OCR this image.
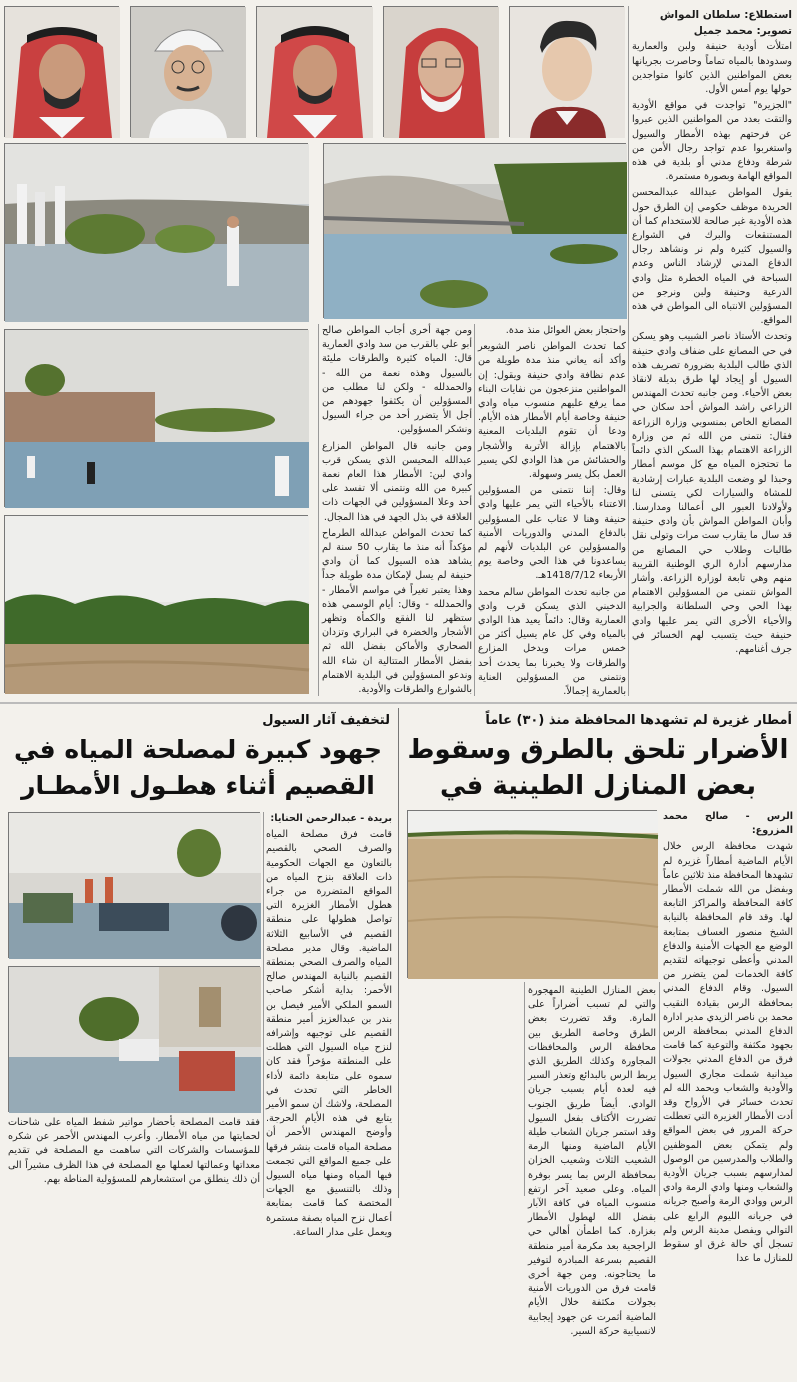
استطلاع: سلطان المواش

تصوير: محمد جميل

امتلأت أودية حنيفة ولبن والعمارية وسدودها بالمياه تماماً وحاصرت بجريانها بعض المواطنين الذين كانوا متواجدين حولها يوم أمس الأول.

"الجزيرة" تواجدت في مواقع الأودية والتقت بعدد من المواطنين الذين عبروا عن فرحتهم بهذه الأمطار والسيول واستغربوا عدم تواجد رجال الأمن من شرطة ودفاع مدني أو بلدية في هذه المواقع الهامة وبصورة مستمرة.

يقول المواطن عبدالله عبدالمحسن الحريدة موظف حكومي إن الطرق حول هذه الأودية غير صالحة للاستخدام كما أن المستنقعات والبرك في الشوارع والسيول كثيرة ولم نر ونشاهد رجال الدفاع المدني لإرشاد الناس وعدم السباحة في المياه الخطرة مثل وادي الدرعية وحنيفة ولبن ونرجو من المسؤولين الانتباه الى المواطن في هذه المواقع.

وتحدث الأستاذ ناصر الشبيب وهو يسكن في حي المصانع على ضفاف وادي حنيفة الذي طالب البلدية بضرورة تصريف هذه السيول أو إيجاد لها طرق بديلة لانقاذ بعض الأحياء. ومن جانبه تحدث المهندس الزراعي راشد المواش أحد سكان حي المصانع الخاص بمنسوبي وزارة الزراعة فقال: نتمنى من الله ثم من وزارة الزراعة الاهتمام بهذا السكن الذي دائماً ما تحتجزه المياه مع كل موسم أمطار وحبذا لو وضعت البلدية عبارات إرشادية للمشاة والسيارات لكي يتسنى لنا ولأولادنا العبور الى أعمالنا ومدارسنا. وأبان المواطن المواش بأن وادي حنيفة قد سال ما يقارب ست مرات وتولى نقل طالبات وطلاب حي المصانع من مدارسهم أدارة الري الوطنية القريبة منهم وهي تابعة لوزارة الزراعة. وأشار المواش نتمنى من المسؤولين الاهتمام بهذا الحي وحي السلطانة والجرابية والأحياء الأخرى التي يمر عليها وادي حنيفة حيث يتسبب لهم الخسائر في جرف أغنامهم.

واحتجاز بعض العوائل منذ مدة.

كما تحدث المواطن ناصر الشويعر وأكد أنه يعاني منذ مدة طويلة من عدم نظافة وادي حنيفة ويقول: إن المواطنين منزعجون من نفايات البناء مما يرفع عليهم منسوب مياه وادي حنيفة وخاصة أيام الأمطار هذه الأيام. ودعا أن تقوم البلديات المعنية بالاهتمام بإزالة الأتربة والأشجار والحشائش من هذا الوادي لكي يسير العمل بكل يسر وسهولة.

وقال: إننا نتمنى من المسؤولين الاعتناء بالأحياء التي يمر عليها وادي حنيفة وهنا لا عتاب على المسؤولين بالدفاع المدني والدوريات الأمنية والمسؤولين عن البلديات لأنهم لم يساعدونا في هذا الحي وخاصة يوم الأربعاء 1418/7/12هـ.

من جانبه تحدث المواطن سالم محمد الدخيني الذي يسكن قرب وادي العمارية وقال: دائماً يعيد هذا الوادي بالمياه وفي كل عام يسيل أكثر من خمس مرات ويدخل المزارع والطرقات ولا يخبرنا بما يحدث أحد ونتمنى من المسؤولين العناية بالعمارية إجمالاً.

ومن جهة أخرى أجاب المواطن صالح أبو علي بالقرب من سد وادي العمارية قال: المياه كثيرة والطرقات مليئة بالسيول وهذه نعمة من الله - والحمدلله - ولكن لنا مطلب من المسؤولين أن يكثفوا جهودهم من أجل الأ يتضرر أحد من جراء السيول ونشكر المسؤولين.

ومن جانبه قال المواطن المزارع عبدالله المحيسن الذي يسكن قرب وادي لبن: الأمطار هذا العام نعمة كبيرة من الله ونتمنى ألا تفسد على أحد وعلا المسؤولين في الجهات ذات العلاقة في بذل الجهد في هذا المجال.

كما تحدث المواطن عبدالله الطرماح مؤكداً أنه منذ ما يقارب 50 سنة لم يشاهد هذه السيول كما أن وادي حنيفة لم يسل لإمكان مدة طويلة جداً وهذا يعتبر تغيراً في مواسم الأمطار - والحمدلله - وقال: أيام الوسمي هذه ستظهر لنا الفقع والكمأة وتظهر الأشجار والخضرة في البراري وتزدان الصحاري والأماكن بفضل الله ثم بفضل الأمطار المتتالية ان شاء الله وندعو المسؤولين في البلدية الاهتمام بالشوارع والطرقات والأودية.

أمطار غزيرة لم تشهدها المحافظة منذ (٣٠) عاماً
الأضرار تلحق بالطرق وسقوط
بعض المنازل الطينية في

الرس - صالح محمد المزروع:

شهدت محافظة الرس خلال الأيام الماضية أمطاراً غزيرة لم تشهدها المحافظة منذ ثلاثين عاماً وبفضل من الله شملت الأمطار كافة المحافظة والمراكز التابعة لها. وقد قام المحافظة بالنيابة الشيخ منصور العساف بمتابعة الوضع مع الجهات الأمنية والدفاع المدني وأعطى توجيهاته لتقديم كافة الخدمات لمن يتضرر من السيول. وقام الدفاع المدني بمحافظة الرس بقيادة النقيب محمد بن ناصر الزيدي مدير ادارة الدفاع المدني بمحافظة الرس بجهود مكثفة والتوعية كما قامت فرق من الدفاع المدني بجولات ميدانية شملت مجاري السيول والأودية والشعاب وبحمد الله لم تحدث خسائر في الأرواح وقد أدت الأمطار الغزيرة التي تعطلت حركة المرور في بعض المواقع ولم يتمكن بعض الموظفين والطلاب والمدرسين من الوصول لمدارسهم بسبب جريان الأودية والشعاب ومنها وادي الرمة وادي الرس ووادي الرمة وأصبح جريانه في جريانه الليوم الرابع على التوالي ويفصل مدينة الرس ولم تسجل أي حالة غرق او سقوط للمنازل ما عدا

بعض المنازل الطينية المهجورة والتي لم تسبب أضراراً على المارة. وقد تضررت بعض الطرق وخاصة الطريق بين محافظة الرس والمحافظات المجاورة وكذلك الطريق الذي يربط الرس بالبدائع وتعذر السير فيه لعدة أيام بسبب جريان الوادي. أيضاً طريق الجنوب تضررت الأكتاف بفعل السيول وقد استمر جريان الشعاب طيلة الأيام الماضية ومنها الرمة الشعيب الثلاث وشعيب الخزان بمحافظة الرس بما يسر بوفرة المياه. وعلى صعيد آخر ارتفع منسوب المياه في كافة الآبار بفضل الله لهطول الأمطار بغزارة. كما اطمأن أهالي حي الراجحية بعد مكرمة أمير منطقة القصيم بسرعة المبادرة لتوفير ما يحتاجونه. ومن جهة أخرى قامت فرق من الدوريات الأمنية بجولات مكثفة خلال الأيام الماضية أثمرت عن جهود إيجابية لانسيابية حركة السير.

لتخفيف آثار السيول
جهود كبيرة لمصلحة المياه في
القصيم أثناء هطـول الأمطـار

بريدة - عبدالرحمن الحنايا:

قامت فرق مصلحة المياه والصرف الصحي بالقصيم بالتعاون مع الجهات الحكومية ذات العلاقة بنزح المياه من المواقع المتضررة من جراء هطول الأمطار الغزيرة التي تواصل هطولها على منطقة القصيم في الأسابيع الثلاثة الماضية. وقال مدير مصلحة المياه والصرف الصحي بمنطقة القصيم بالنيابة المهندس صالح الأحمر: بداية أشكر صاحب السمو الملكي الأمير فيصل بن بندر بن عبدالعزيز أمير منطقة القصيم على توجيهه وإشرافه لنزح مياه السيول التي هطلت على المنطقة مؤخراً فقد كان سموه على متابعة دائمة لأداء الخاطر التي تحدث في المصلحة، ولاشك أن سمو الأمير يتابع في هذه الأيام الحرجة. وأوضح المهندس الأحمر أن مصلحة المياه قامت بنشر فرقها على جميع المواقع التي تجمعت فيها المياه ومنها مياه السيول وذلك بالتنسيق مع الجهات المختصة كما قامت بمتابعة أعمال نزح المياه بصفة مستمرة ويعمل على مدار الساعة.

فقد قامت المصلحة بأحضار مواتير شفط المياه على شاحنات لحمايتها من مياه الأمطار. وأعرب المهندس الأحمر عن شكره للمؤسسات والشركات التي ساهمت مع المصلحة في تقديم معداتها وعمالتها لعملها مع المصلحة في هذا الظرف مشيراً الى أن ذلك ينطلق من استشعارهم للمسؤولية المناطة بهم.
